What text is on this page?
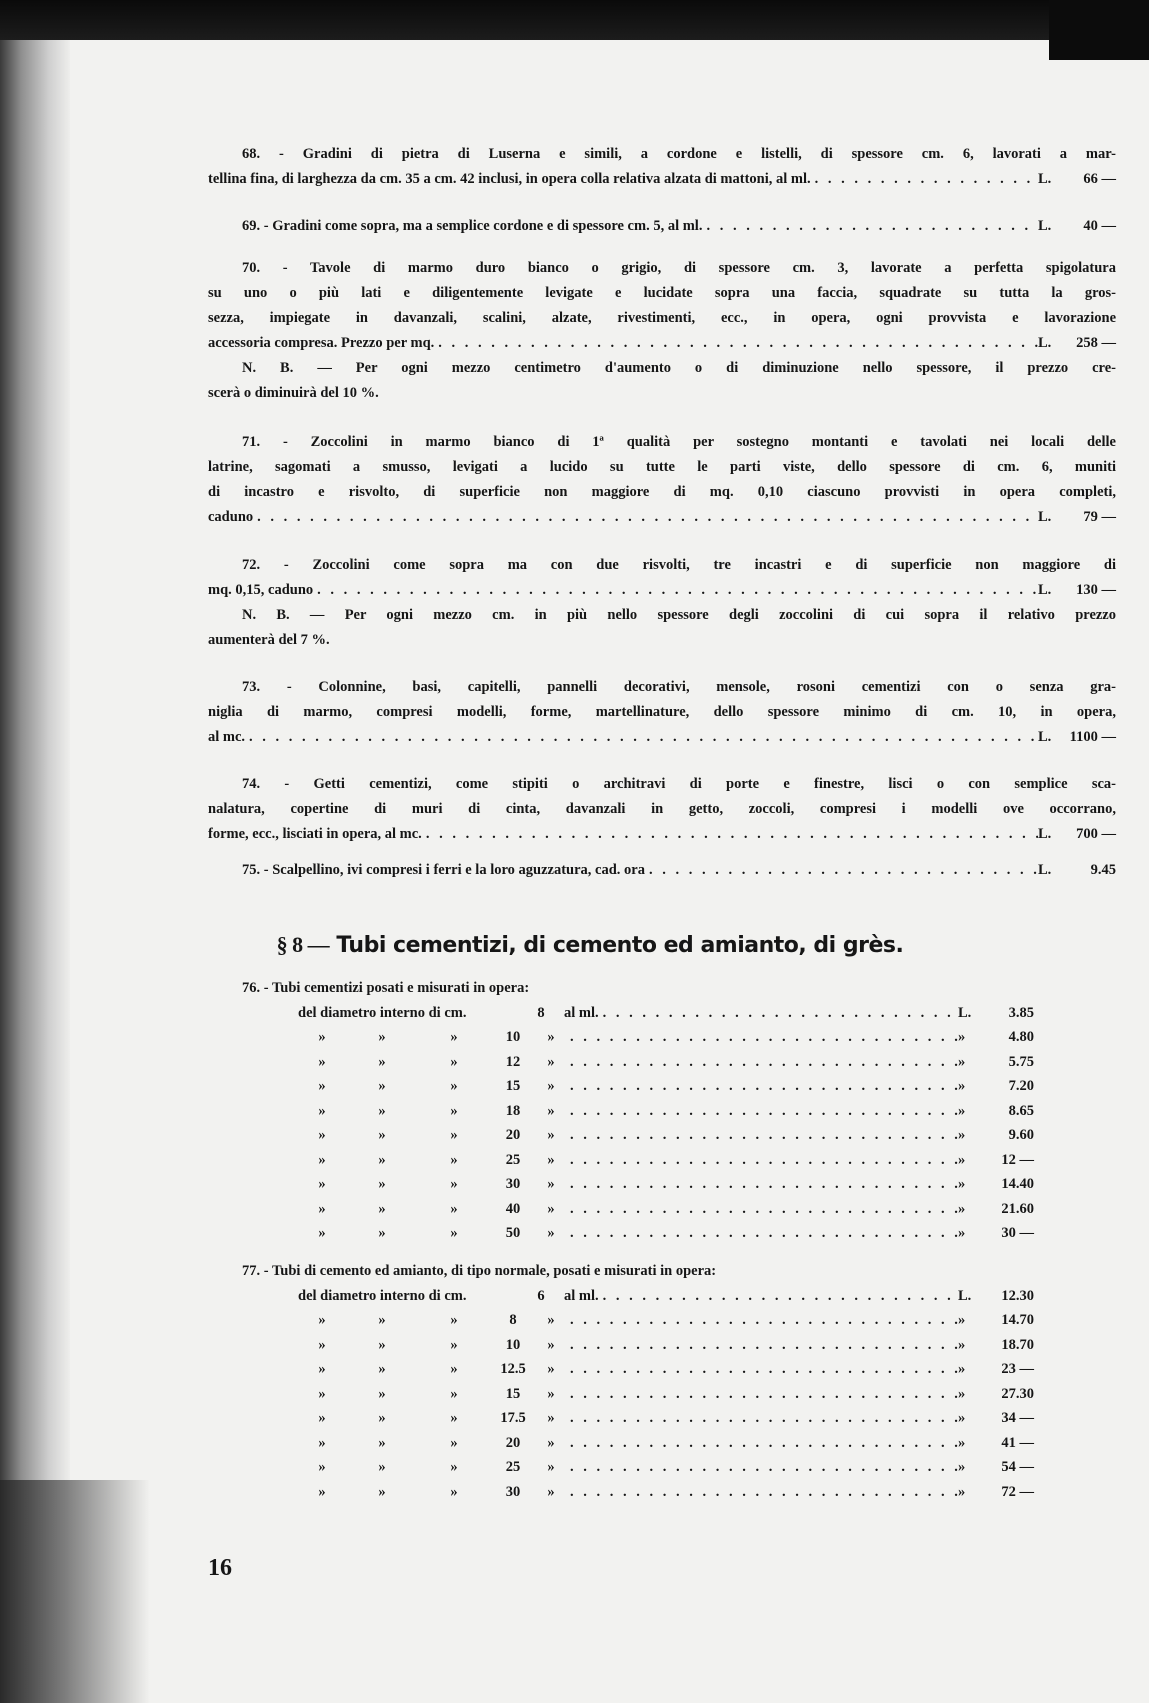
68. - Gradini di pietra di Luserna e simili, a cordone e listelli, di spessore cm. 6, lavorati a mar-

tellina fina, di larghezza da cm. 35 a cm. 42 inclusi, in opera colla relativa alzata di mattoni, al ml. . . .	L.	66 —
69. - Gradini come sopra, ma a semplice cordone e di spessore cm. 5, al ml. . . .	L.	40 —

70. - Tavole di marmo duro bianco o grigio, di spessore cm. 3, lavorate a perfetta spigolatura

su uno o più lati e diligentemente levigate e lucidate sopra una faccia, squadrate su tutta la gros-

sezza, impiegate in davanzali, scalini, alzate, rivestimenti, ecc., in opera, ogni provvista e lavorazione

accessoria compresa. Prezzo per mq. . . .	L.	258 —

N. B. — Per ogni mezzo centimetro d'aumento o di diminuzione nello spessore, il prezzo cre-

scerà o diminuirà del 10 %.

71. - Zoccolini in marmo bianco di 1ª qualità per sostegno montanti e tavolati nei locali delle

latrine, sagomati a smusso, levigati a lucido su tutte le parti viste, dello spessore di cm. 6, muniti

di incastro e risvolto, di superficie non maggiore di mq. 0,10 ciascuno provvisti in opera completi,

caduno . . .	L.	79 —

72. - Zoccolini come sopra ma con due risvolti, tre incastri e di superficie non maggiore di

mq. 0,15, caduno . . .	L.	130 —

N. B. — Per ogni mezzo cm. in più nello spessore degli zoccolini di cui sopra il relativo prezzo

aumenterà del 7 %.

73. - Colonnine, basi, capitelli, pannelli decorativi, mensole, rosoni cementizi con o senza gra-

niglia di marmo, compresi modelli, forme, martellinature, dello spessore minimo di cm. 10, in opera,

al mc. . . .	L.	1100 —

74. - Getti cementizi, come stipiti o architravi di porte e finestre, lisci o con semplice sca-

nalatura, copertine di muri di cinta, davanzali in getto, zoccoli, compresi i modelli ove occorrano,

forme, ecc., lisciati in opera, al mc. . . .	L.	700 —
75. - Scalpellino, ivi compresi i ferri e la loro aguzzatura, cad. ora . . .	L.	9.45
§ 8 — Tubi cementizi, di cemento ed amianto, di grès.
76. - Tubi cementizi posati e misurati in opera:
del diametro interno di cm.	8	al ml. . . .	L.	3.85
»	»	»	10	» . . .	»	4.80
»	»	»	12	» . . .	»	5.75
»	»	»	15	» . . .	»	7.20
»	»	»	18	» . . .	»	8.65
»	»	»	20	» . . .	»	9.60
»	»	»	25	» . . .	»	12 —
»	»	»	30	» . . .	»	14.40
»	»	»	40	» . . .	»	21.60
»	»	»	50	» . . .	»	30 —
77. - Tubi di cemento ed amianto, di tipo normale, posati e misurati in opera:
del diametro interno di cm.	6	al ml. . . .	L.	12.30
»	»	»	8	» . . .	»	14.70
»	»	»	10	» . . .	»	18.70
»	»	»	12.5	» . . .	»	23 —
»	»	»	15	» . . .	»	27.30
»	»	»	17.5	» . . .	»	34 —
»	»	»	20	» . . .	»	41 —
»	»	»	25	» . . .	»	54 —
»	»	»	30	» . . .	»	72 —
16
